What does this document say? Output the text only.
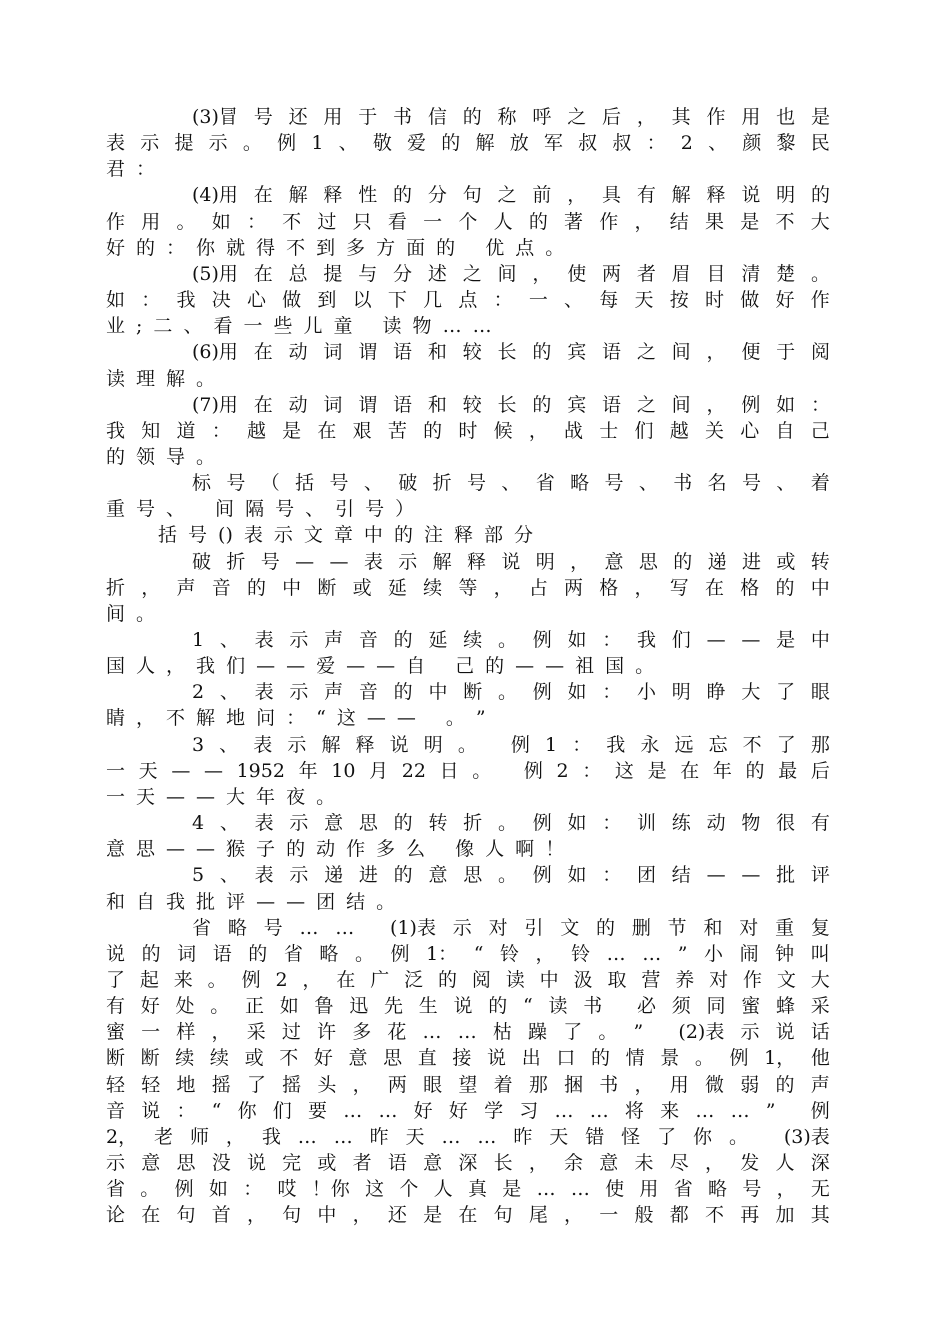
(3)冒 号 还 用 于 书 信 的 称 呼 之 后 ， 其 作 用 也 是
表 示 提 示 。 例 1 、 敬 爱 的 解 放 军 叔 叔 ： 2 、 颜 黎 民
君 ：
(4)用 在 解 释 性 的 分 句 之 前 ， 具 有 解 释 说 明 的
作 用 。 如 ： 不 过 只 看 一 个 人 的 著 作 ， 结 果 是 不 大
好 的 ： 你 就 得 不 到 多 方 面 的 　优 点 。
(5)用 在 总 提 与 分 述 之 间 ， 使 两 者 眉 目 清 楚 。
如 ： 我 决 心 做 到 以 下 几 点 ： 一 、 每 天 按 时 做 好 作
业 ; 二 、 看 一 些 儿 童 　读 物 … …
(6)用 在 动 词 谓 语 和 较 长 的 宾 语 之 间 ， 便 于 阅
读 理 解 。
(7)用 在 动 词 谓 语 和 较 长 的 宾 语 之 间 ， 例 如 ：
我 知 道 ： 越 是 在 艰 苦 的 时 候 ， 战 士 们 越 关 心 自 己
的 领 导 。
标 号 （ 括 号 、 破 折 号 、 省 略 号 、 书 名 号 、 着
重 号 、 　间 隔 号 、 引 号 ）
括 号 () 表 示 文 章 中 的 注 释 部 分
破 折 号 — — 表 示 解 释 说 明 ， 意 思 的 递 进 或 转
折 ， 声 音 的 中 断 或 延 续 等 ， 占 两 格 ， 写 在 格 的 中
间 。
1 、 表 示 声 音 的 延 续 。 例 如 ： 我 们 — — 是 中
国 人 ， 我 们 — — 爱 — — 自 　己 的 — — 祖 国 。
2 、 表 示 声 音 的 中 断 。 例 如 ： 小 明 睁 大 了 眼
睛 ， 不 解 地 问 ： “ 这 — — 　。 ”
3 、 表 示 解 释 说 明 。 　例 1 ： 我 永 远 忘 不 了 那
一 天 — — 1952 年 10 月 22 日 。 　例 2 ： 这 是 在 年 的 最 后
一 天 — — 大 年 夜 。
4 、 表 示 意 思 的 转 折 。 例 如 ： 训 练 动 物 很 有
意 思 — — 猴 子 的 动 作 多 么 　像 人 啊 ！
5 、 表 示 递 进 的 意 思 。 例 如 ： 团 结 — — 批 评
和 自 我 批 评 — — 团 结 。
省 略 号 … … 　(1)表 示 对 引 文 的 删 节 和 对 重 复
说 的 词 语 的 省 略 。 例 1： “ 铃 ， 铃 … … ” 小 闹 钟 叫
了 起 来 。 例 2 ， 在 广 泛 的 阅 读 中 汲 取 营 养 对 作 文 大
有 好 处 。 正 如 鲁 迅 先 生 说 的 “ 读 书 　必 须 同 蜜 蜂 采
蜜 一 样 ， 采 过 许 多 花 … … 枯 躁 了 。 ” 　(2)表 示 说 话
断 断 续 续 或 不 好 意 思 直 接 说 出 口 的 情 景 。 例 1， 他
轻 轻 地 摇 了 摇 头 ， 两 眼 望 着 那 捆 书 ， 用 微 弱 的 声
音 说 ： “ 你 们 要 … … 好 好 学 习 … … 将 来 … … ” 　例
2， 老 师 ， 我 … … 昨 天 … … 昨 天 错 怪 了 你 。 　(3)表
示 意 思 没 说 完 或 者 语 意 深 长 ， 余 意 未 尽 ， 发 人 深
省 。 例 如 ： 哎 ！你 这 个 人 真 是 … … 使 用 省 略 号 ， 无
论 在 句 首 ， 句 中 ， 还 是 在 句 尾 ， 一 般 都 不 再 加 其
